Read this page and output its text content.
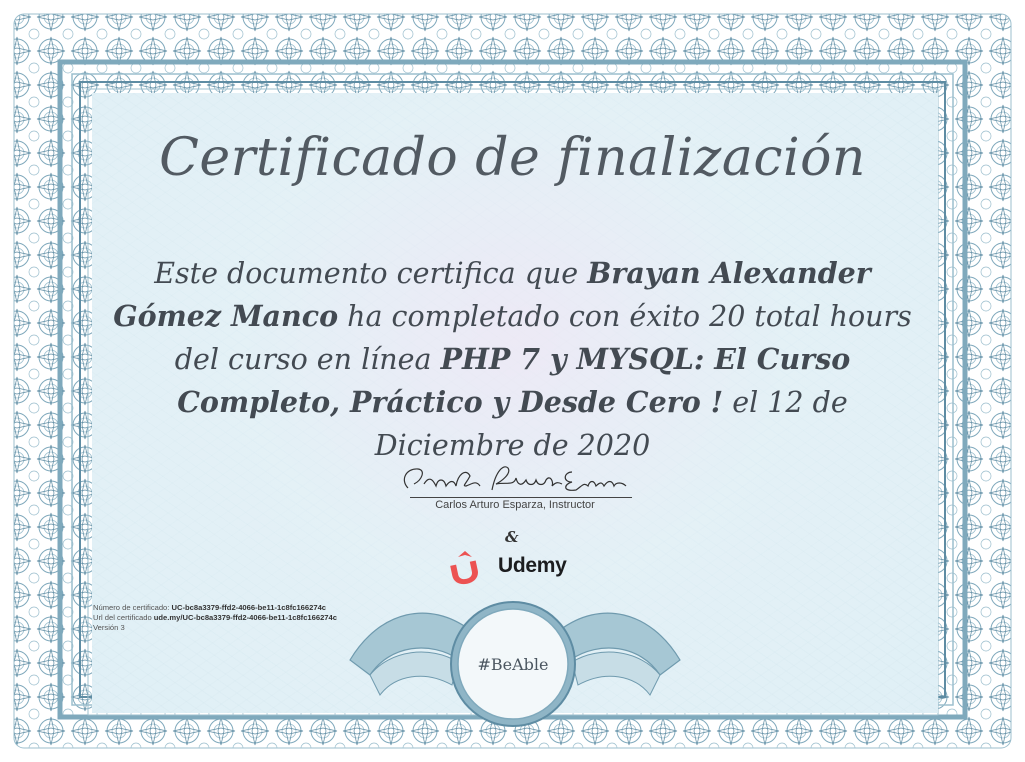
Certificado de finalización
Este documento certifica que Brayan Alexander Gómez Manco ha completado con éxito 20 total hours del curso en línea PHP 7 y MYSQL: El Curso Completo, Práctico y Desde Cero ! el 12 de Diciembre de 2020
Carlos Arturo Esparza, Instructor
&
Udemy
Número de certificado: UC-bc8a3379-ffd2-4066-be11-1c8fc166274c
Url del certificado ude.my/UC-bc8a3379-ffd2-4066-be11-1c8fc166274c
Versión 3
#BeAble
